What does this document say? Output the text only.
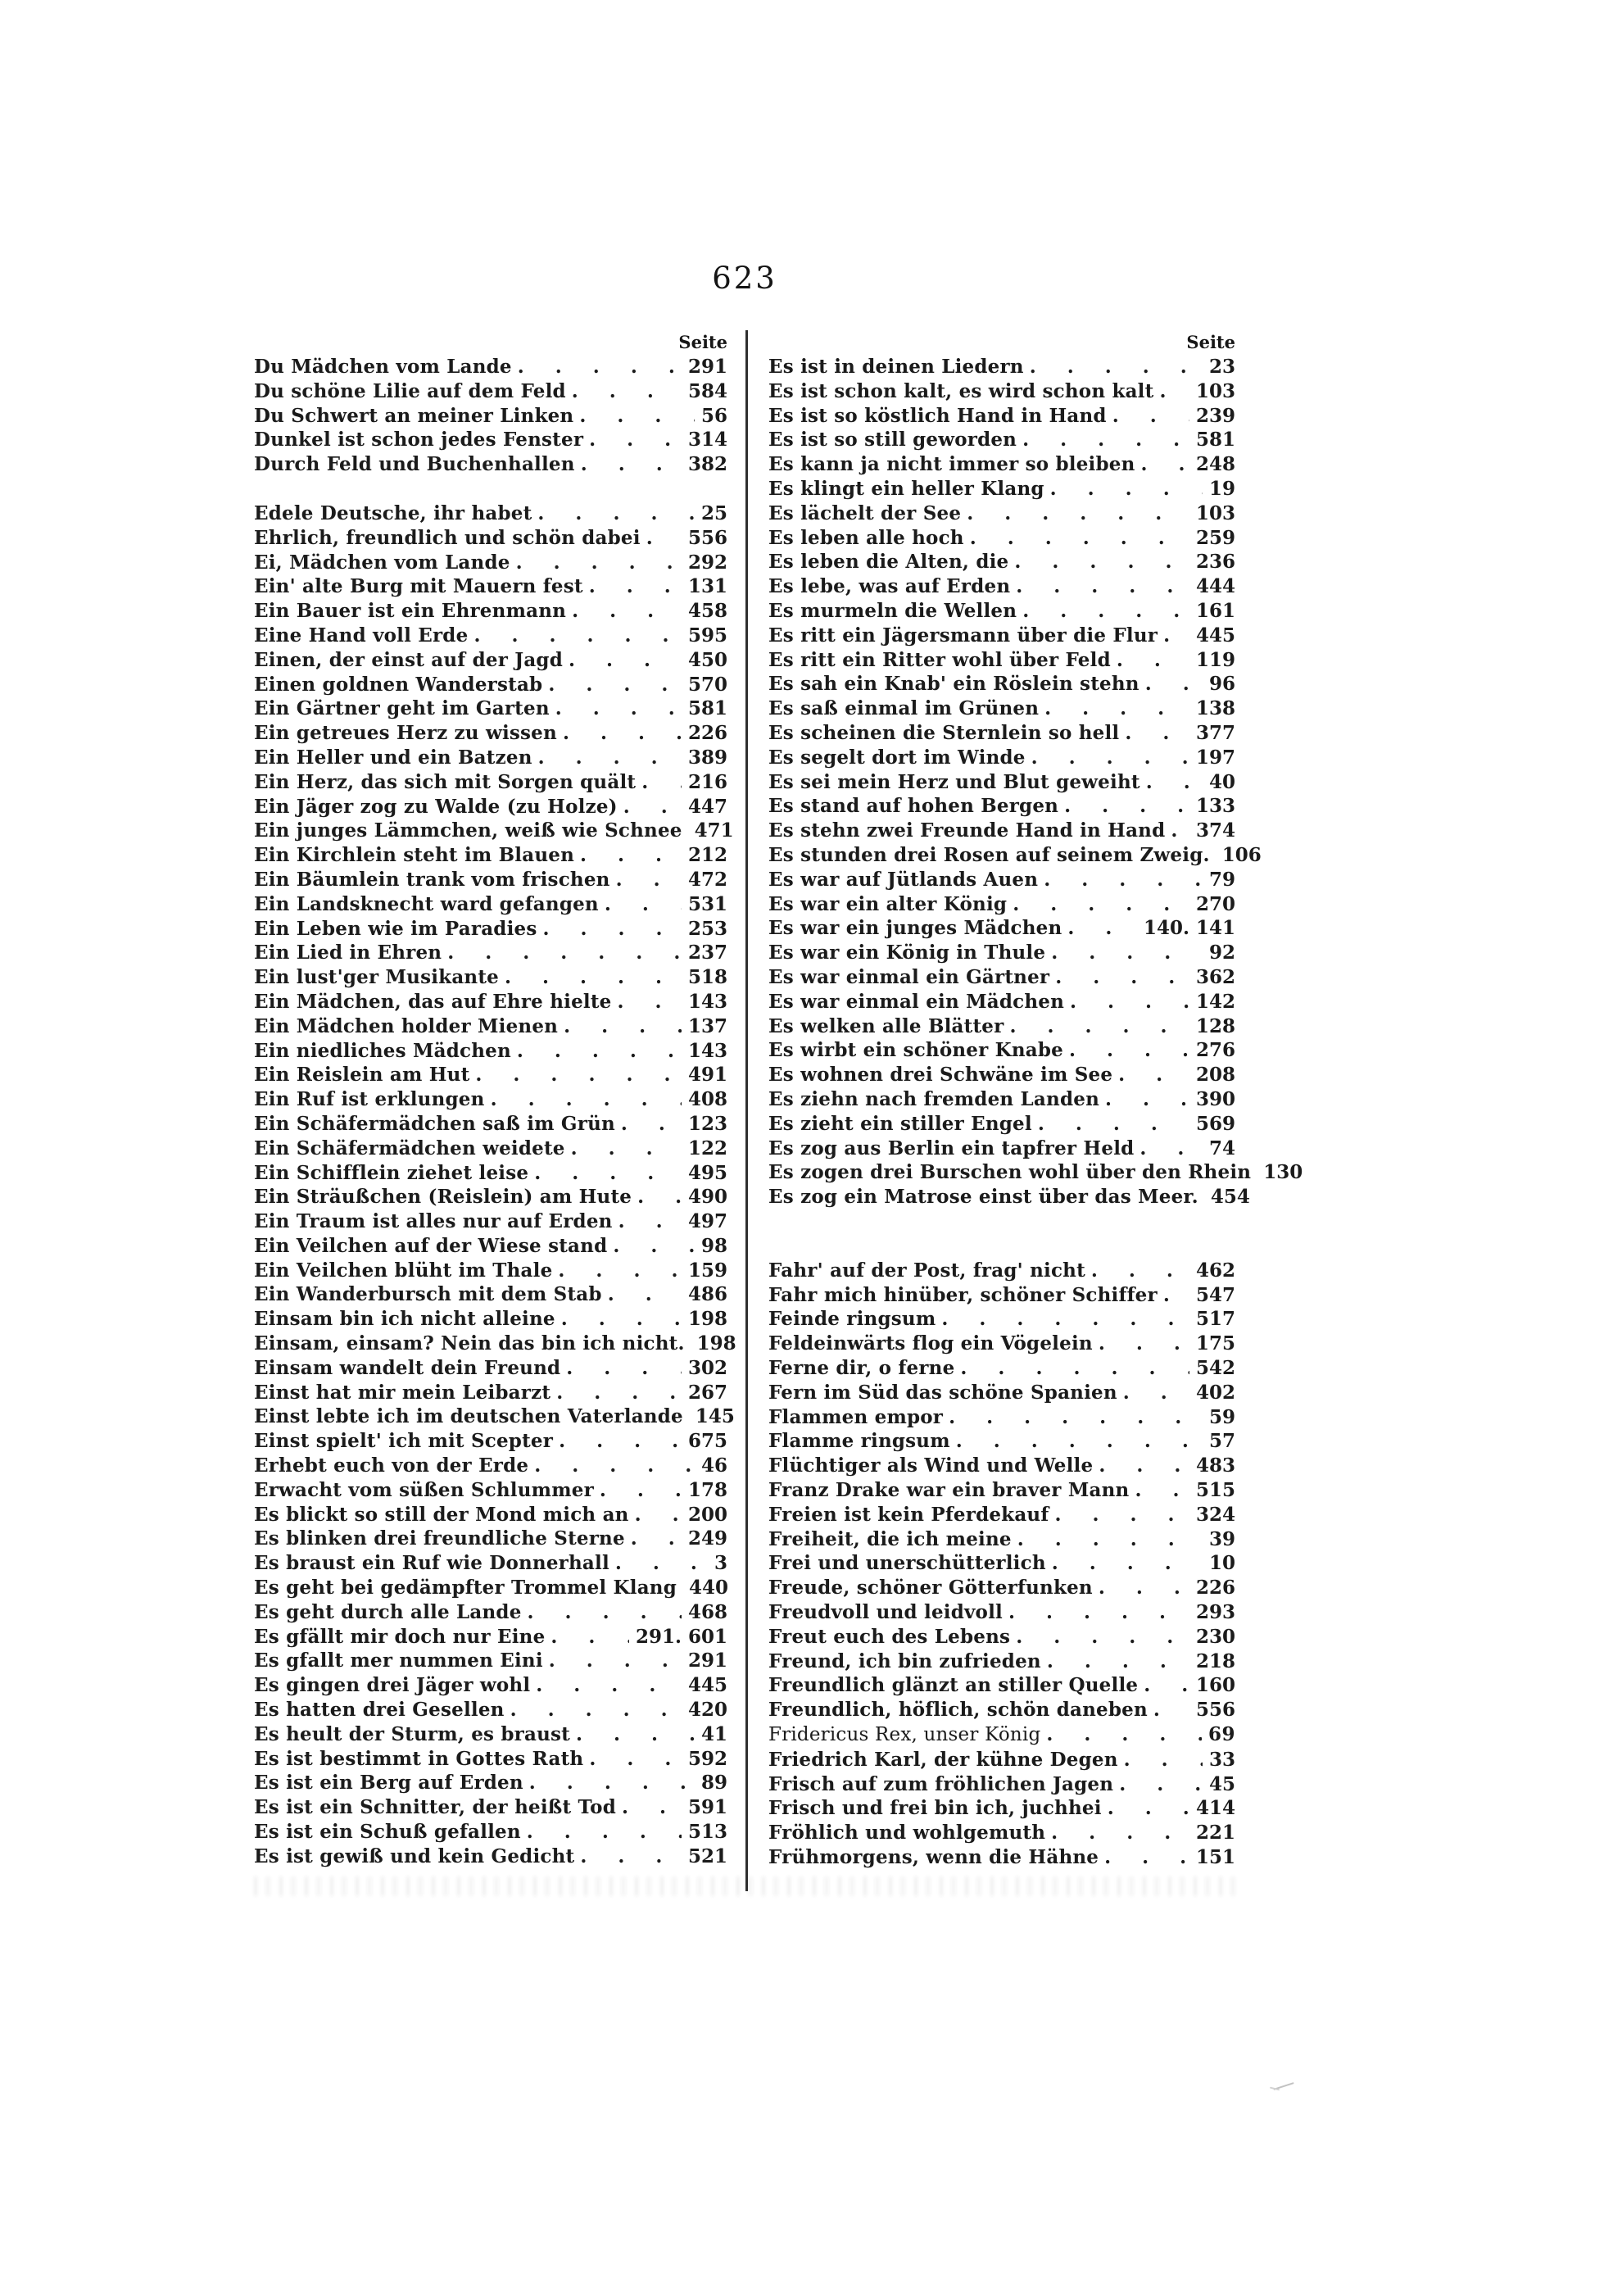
623
Seite
Du Mädchen vom Lande . . .	291
Du schöne Lilie auf dem Feld . . .	584
Du Schwert an meiner Linken . . .	56
Dunkel ist schon jedes Fenster . . .	314
Durch Feld und Buchenhallen . . .	382
Edele Deutsche, ihr habet . . .	25
Ehrlich, freundlich und schön dabei . . .	556
Ei, Mädchen vom Lande . . .	292
Ein' alte Burg mit Mauern fest . . .	131
Ein Bauer ist ein Ehrenmann . . .	458
Eine Hand voll Erde . . .	595
Einen, der einst auf der Jagd . . .	450
Einen goldnen Wanderstab . . .	570
Ein Gärtner geht im Garten . . .	581
Ein getreues Herz zu wissen . . .	226
Ein Heller und ein Batzen . . .	389
Ein Herz, das sich mit Sorgen quält . . .	216
Ein Jäger zog zu Walde (zu Holze) . . .	447
Ein junges Lämmchen, weiß wie Schnee 471
Ein Kirchlein steht im Blauen . . .	212
Ein Bäumlein trank vom frischen . . .	472
Ein Landsknecht ward gefangen . . .	531
Ein Leben wie im Paradies . . .	253
Ein Lied in Ehren . . .	237
Ein lust'ger Musikante . . .	518
Ein Mädchen, das auf Ehre hielte . . .	143
Ein Mädchen holder Mienen . . .	137
Ein niedliches Mädchen . . .	143
Ein Reislein am Hut . . .	491
Ein Ruf ist erklungen . . .	408
Ein Schäfermädchen saß im Grün . . .	123
Ein Schäfermädchen weidete . . .	122
Ein Schifflein ziehet leise . . .	495
Ein Sträußchen (Reislein) am Hute . . .	490
Ein Traum ist alles nur auf Erden . . .	497
Ein Veilchen auf der Wiese stand . . .	98
Ein Veilchen blüht im Thale . . .	159
Ein Wanderbursch mit dem Stab . . .	486
Einsam bin ich nicht alleine . . .	198
Einsam, einsam? Nein das bin ich nicht. 198
Einsam wandelt dein Freund . . .	302
Einst hat mir mein Leibarzt . . .	267
Einst lebte ich im deutschen Vaterlande 145
Einst spielt' ich mit Scepter . . .	675
Erhebt euch von der Erde . . .	46
Erwacht vom süßen Schlummer . . .	178
Es blickt so still der Mond mich an . . .	200
Es blinken drei freundliche Sterne . . .	249
Es braust ein Ruf wie Donnerhall . . .	3
Es geht bei gedämpfter Trommel Klang 440
Es geht durch alle Lande . . .	468
Es gfällt mir doch nur Eine . . .	291. 601
Es gfallt mer nummen Eini . . .	291
Es gingen drei Jäger wohl . . .	445
Es hatten drei Gesellen . . .	420
Es heult der Sturm, es braust . . .	41
Es ist bestimmt in Gottes Rath . . .	592
Es ist ein Berg auf Erden . . .	89
Es ist ein Schnitter, der heißt Tod . . .	591
Es ist ein Schuß gefallen . . .	513
Es ist gewiß und kein Gedicht . . .	521
Seite
Es ist in deinen Liedern . . .	23
Es ist schon kalt, es wird schon kalt . . . 103
Es ist so köstlich Hand in Hand . . .	239
Es ist so still geworden . . .	581
Es kann ja nicht immer so bleiben . . .	248
Es klingt ein heller Klang . . .	19
Es lächelt der See . . .	103
Es leben alle hoch . . .	259
Es leben die Alten, die . . .	236
Es lebe, was auf Erden . . .	444
Es murmeln die Wellen . . .	161
Es ritt ein Jägersmann über die Flur . . . 445
Es ritt ein Ritter wohl über Feld . . .	119
Es sah ein Knab' ein Röslein stehn . . .	96
Es saß einmal im Grünen . . .	138
Es scheinen die Sternlein so hell . . .	377
Es segelt dort im Winde . . .	197
Es sei mein Herz und Blut geweiht . . .	40
Es stand auf hohen Bergen . . .	133
Es stehn zwei Freunde Hand in Hand . . . 374
Es stunden drei Rosen auf seinem Zweig. 106
Es war auf Jütlands Auen . . .	79
Es war ein alter König . . .	270
Es war ein junges Mädchen . . .	140. 141
Es war ein König in Thule . . .	92
Es war einmal ein Gärtner . . .	362
Es war einmal ein Mädchen . . .	142
Es welken alle Blätter . . .	128
Es wirbt ein schöner Knabe . . .	276
Es wohnen drei Schwäne im See . . .	208
Es ziehn nach fremden Landen . . .	390
Es zieht ein stiller Engel . . .	569
Es zog aus Berlin ein tapfrer Held . . .	74
Es zogen drei Burschen wohl über den Rhein 130
Es zog ein Matrose einst über das Meer. 454
Fahr' auf der Post, frag' nicht . . .	462
Fahr mich hinüber, schöner Schiffer . . . 547
Feinde ringsum . . .	517
Feldeinwärts flog ein Vögelein . . .	175
Ferne dir, o ferne . . .	542
Fern im Süd das schöne Spanien . . .	402
Flammen empor . . .	59
Flamme ringsum . . .	57
Flüchtiger als Wind und Welle . . .	483
Franz Drake war ein braver Mann . . .	515
Freien ist kein Pferdekauf . . .	324
Freiheit, die ich meine . . .	39
Frei und unerschütterlich . . .	10
Freude, schöner Götterfunken . . .	226
Freudvoll und leidvoll . . .	293
Freut euch des Lebens . . .	230
Freund, ich bin zufrieden . . .	218
Freundlich glänzt an stiller Quelle . . .	160
Freundlich, höflich, schön daneben . . .	556
Fridericus Rex, unser König . . .	69
Friedrich Karl, der kühne Degen . . .	33
Frisch auf zum fröhlichen Jagen . . .	45
Frisch und frei bin ich, juchhei . . .	414
Fröhlich und wohlgemuth . . .	221
Frühmorgens, wenn die Hähne . . .	151
